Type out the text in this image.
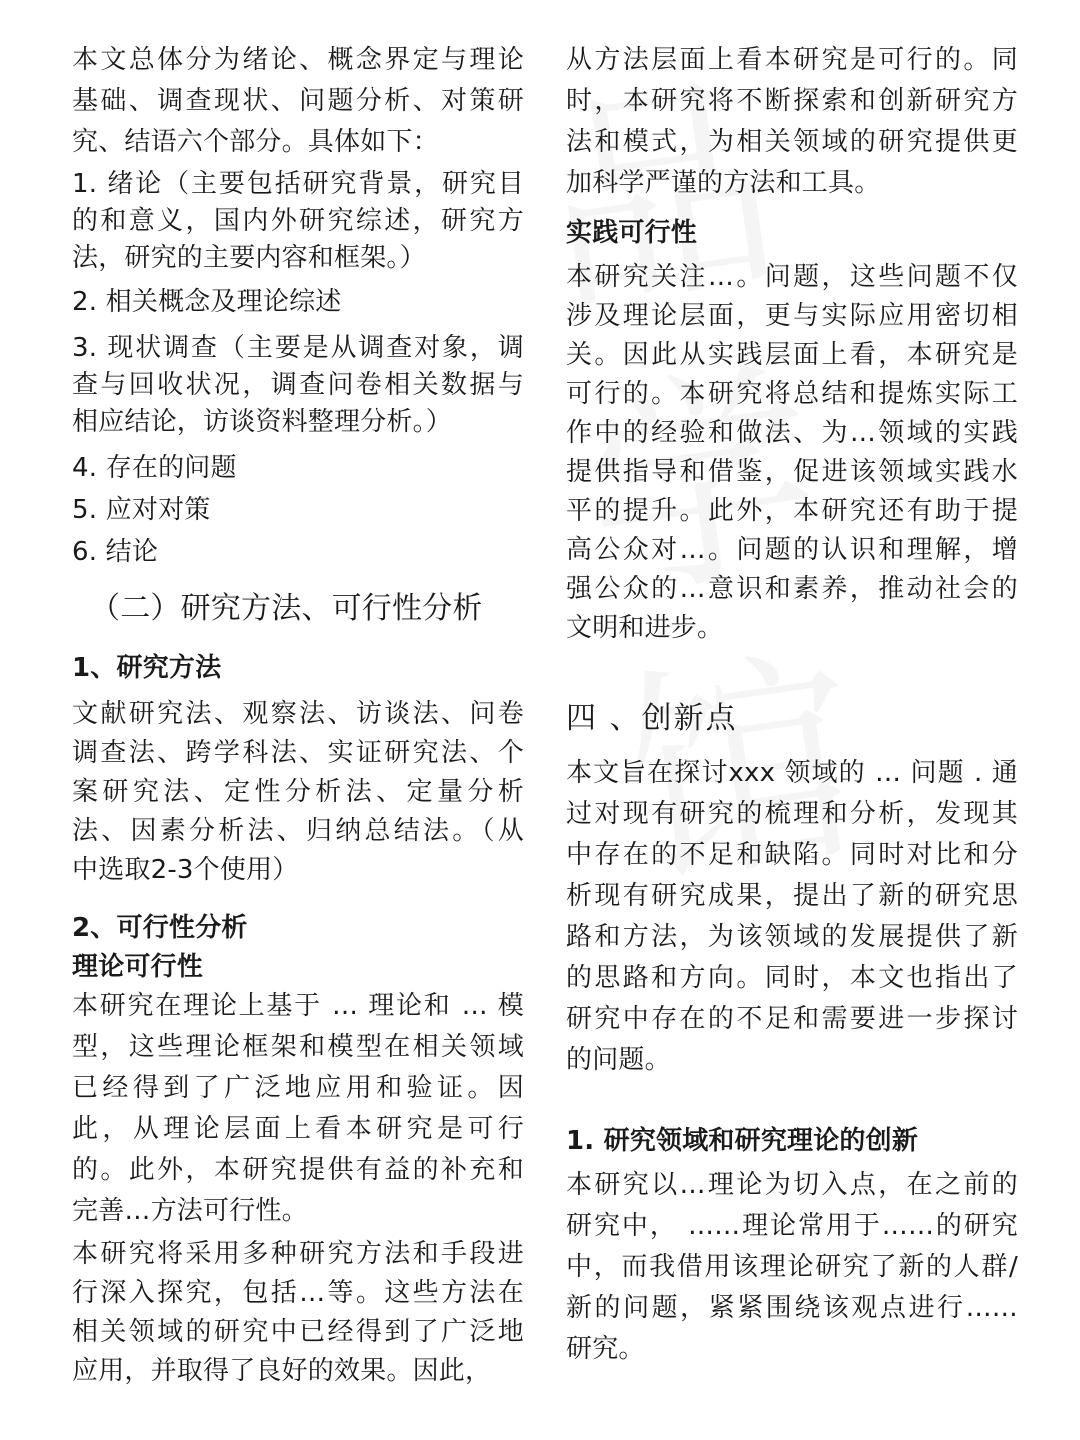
本文总体分为绪论、概念界定与理论
基础、调查现状、问题分析、对策研
究、结语六个部分。具体如下：
1. 绪论（主要包括研究背景，研究目
的和意义，国内外研究综述，研究方
法，研究的主要内容和框架。）
2. 相关概念及理论综述
3. 现状调查（主要是从调查对象，调
查与回收状况，调查问卷相关数据与
相应结论，访谈资料整理分析。）
4. 存在的问题
5. 应对对策
6. 结论
（二）研究方法、可行性分析
1、研究方法
文献研究法、观察法、访谈法、问卷
调查法、跨学科法、实证研究法、个
案研究法、定性分析法、定量分析
法、因素分析法、归纳总结法。（从
中选取2-3个使用）
2、可行性分析
理论可行性
本研究在理论上基于 … 理论和 … 模
型，这些理论框架和模型在相关领域
已经得到了广泛地应用和验证。因
此，从理论层面上看本研究是可行
的。此外，本研究提供有益的补充和
完善…方法可行性。
本研究将采用多种研究方法和手段进
行深入探究，包括…等。这些方法在
相关领域的研究中已经得到了广泛地
应用，并取得了良好的效果。因此，
从方法层面上看本研究是可行的。同
时，本研究将不断探索和创新研究方
法和模式，为相关领域的研究提供更
加科学严谨的方法和工具。
实践可行性
本研究关注…。问题，这些问题不仅
涉及理论层面，更与实际应用密切相
关。因此从实践层面上看，本研究是
可行的。本研究将总结和提炼实际工
作中的经验和做法、为…领域的实践
提供指导和借鉴，促进该领域实践水
平的提升。此外，本研究还有助于提
高公众对…。问题的认识和理解，增
强公众的…意识和素养，推动社会的
文明和进步。
四 、创新点
本文旨在探讨xxx 领域的 … 问题 . 通
过对现有研究的梳理和分析，发现其
中存在的不足和缺陷。同时对比和分
析现有研究成果，提出了新的研究思
路和方法，为该领域的发展提供了新
的思路和方向。同时，本文也指出了
研究中存在的不足和需要进一步探讨
的问题。
1. 研究领域和研究理论的创新
本研究以…理论为切入点，在之前的
研究中， ……理论常用于……的研究
中，而我借用该理论研究了新的人群/
新的问题，紧紧围绕该观点进行……
研究。
